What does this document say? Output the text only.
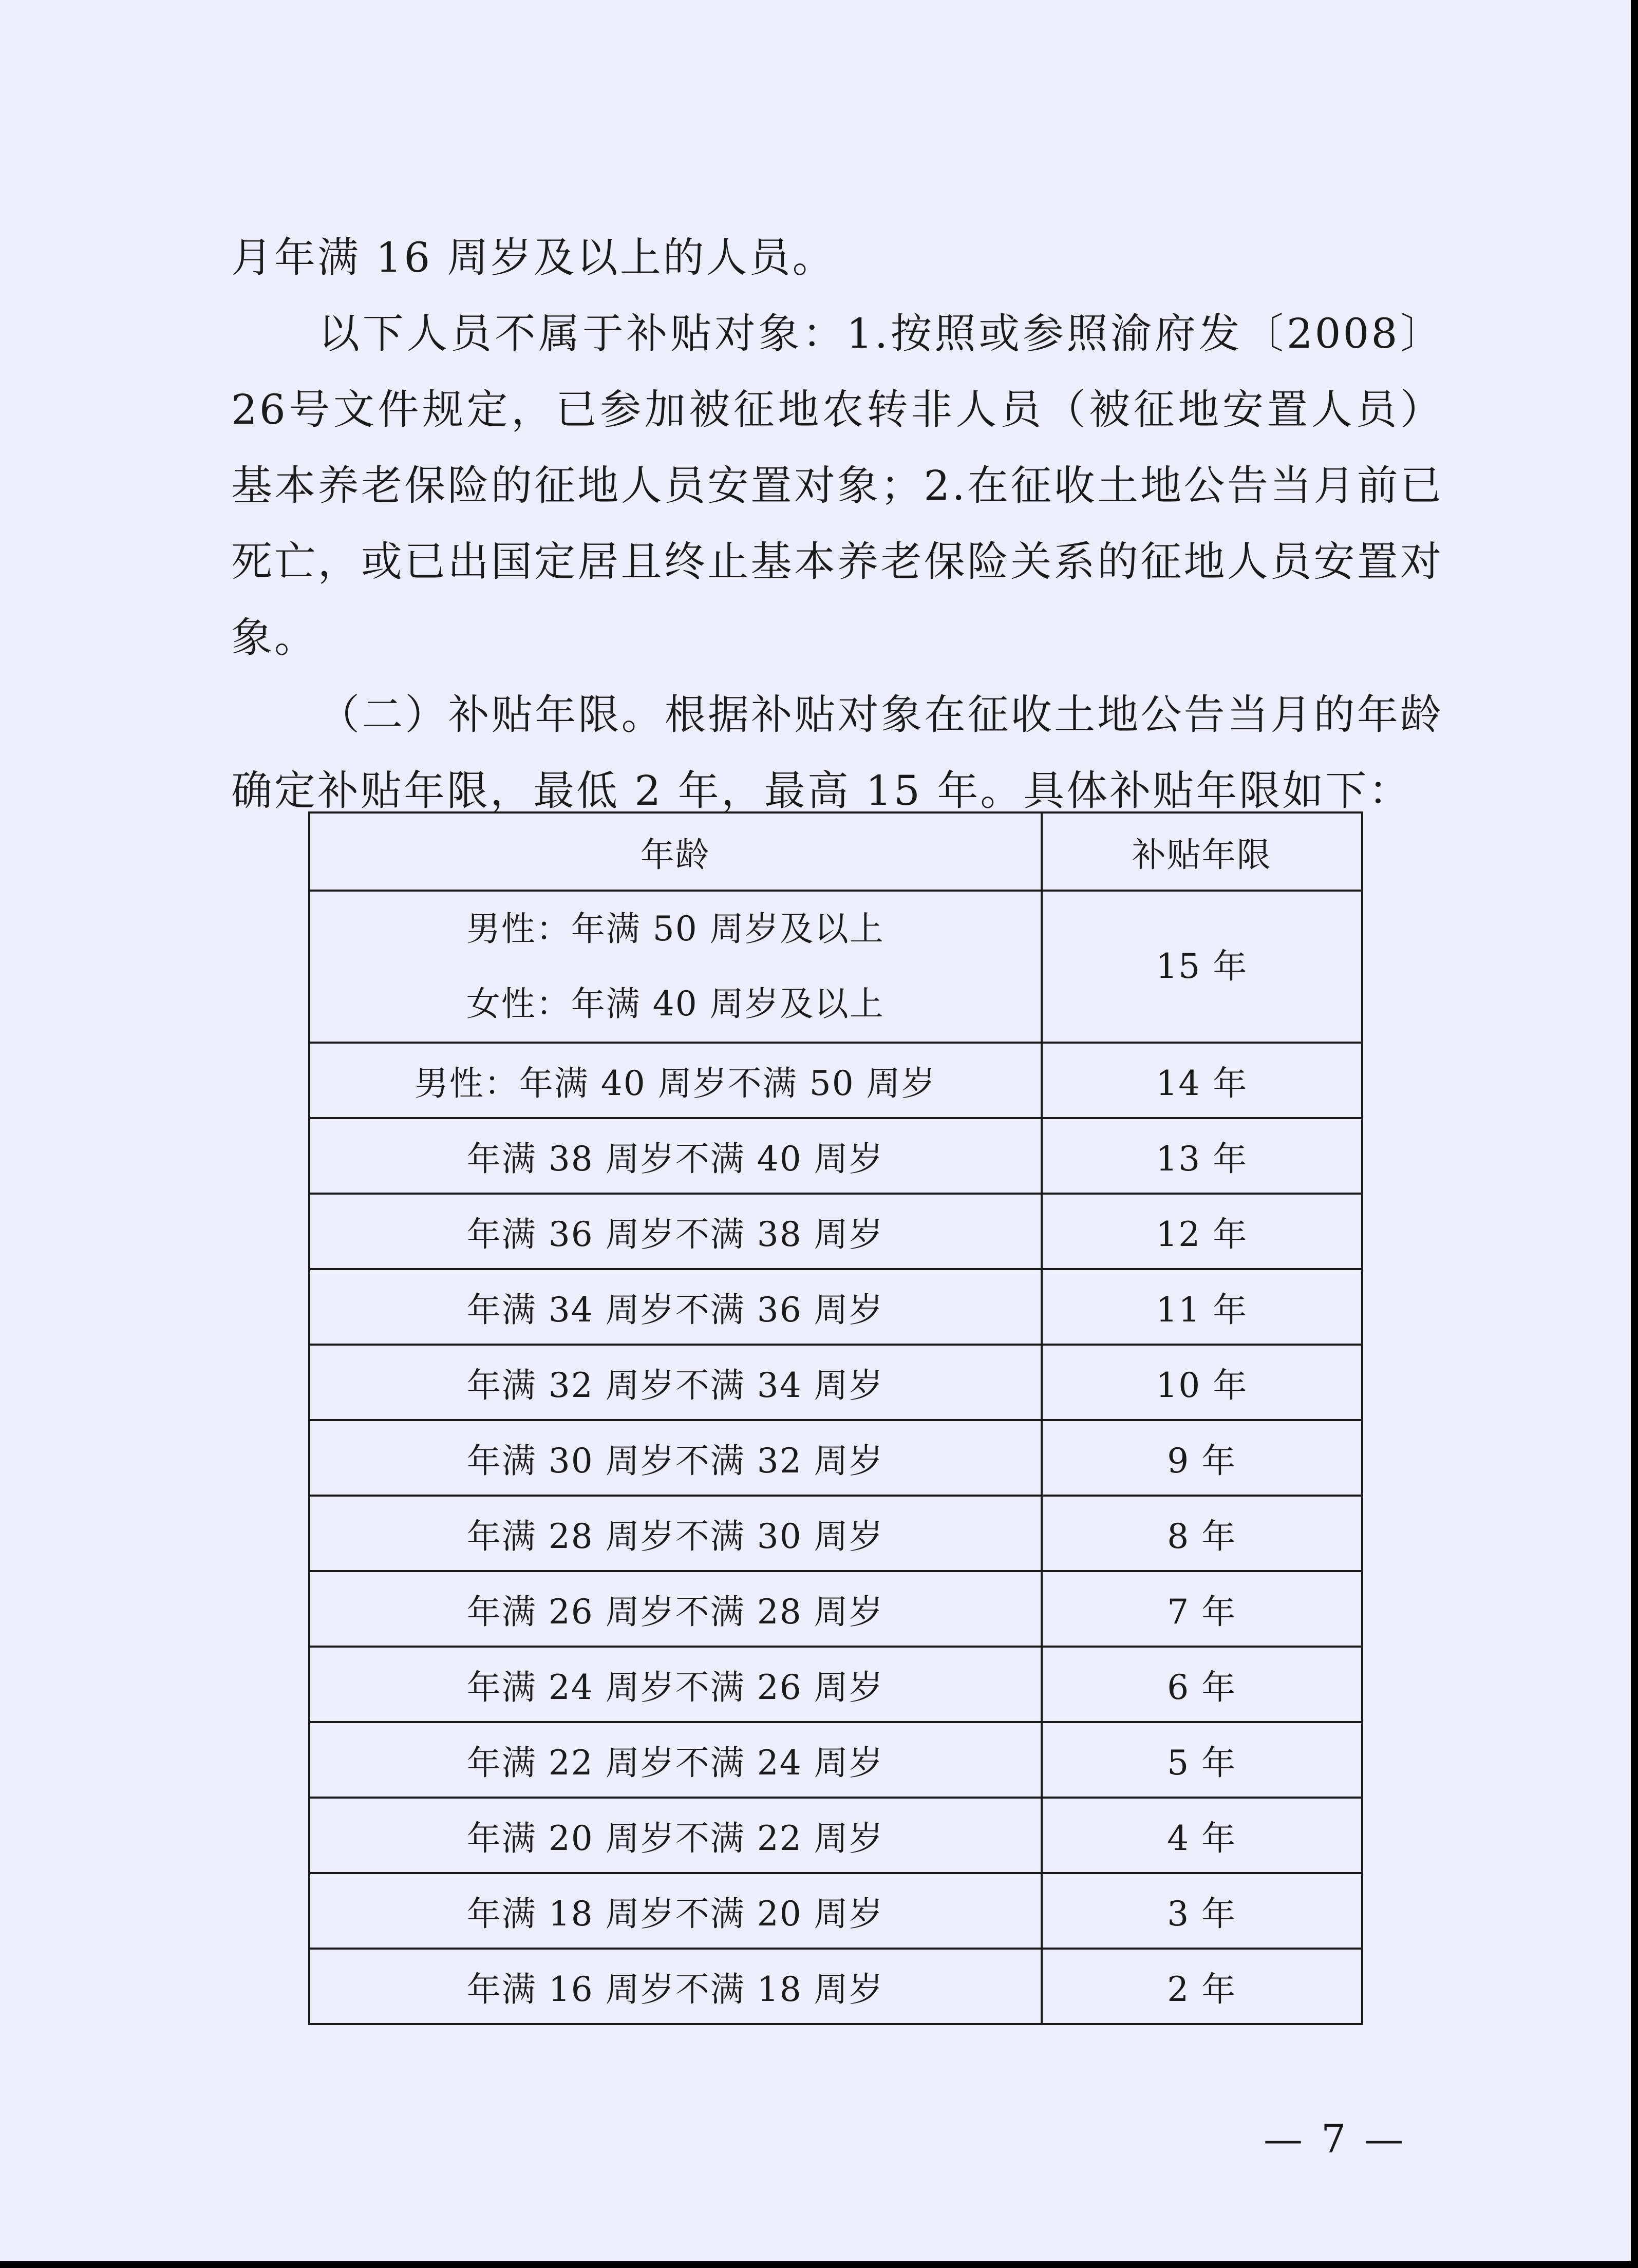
月年满 16 周岁及以上的人员。

以下人员不属于补贴对象：1.按照或参照渝府发〔2008〕26号文件规定，已参加被征地农转非人员（被征地安置人员）基本养老保险的征地人员安置对象；2.在征收土地公告当月前已死亡，或已出国定居且终止基本养老保险关系的征地人员安置对象。

（二）补贴年限。根据补贴对象在征收土地公告当月的年龄确定补贴年限，最低 2 年，最高 15 年。具体补贴年限如下：

年龄	补贴年限

男性：年满 50 周岁及以上
女性：年满 40 周岁及以上	15 年
男性：年满 40 周岁不满 50 周岁	14 年
年满 38 周岁不满 40 周岁	13 年
年满 36 周岁不满 38 周岁	12 年
年满 34 周岁不满 36 周岁	11 年
年满 32 周岁不满 34 周岁	10 年
年满 30 周岁不满 32 周岁	9 年
年满 28 周岁不满 30 周岁	8 年
年满 26 周岁不满 28 周岁	7 年
年满 24 周岁不满 26 周岁	6 年
年满 22 周岁不满 24 周岁	5 年
年满 20 周岁不满 22 周岁	4 年
年满 18 周岁不满 20 周岁	3 年
年满 16 周岁不满 18 周岁	2 年
— 7 —
